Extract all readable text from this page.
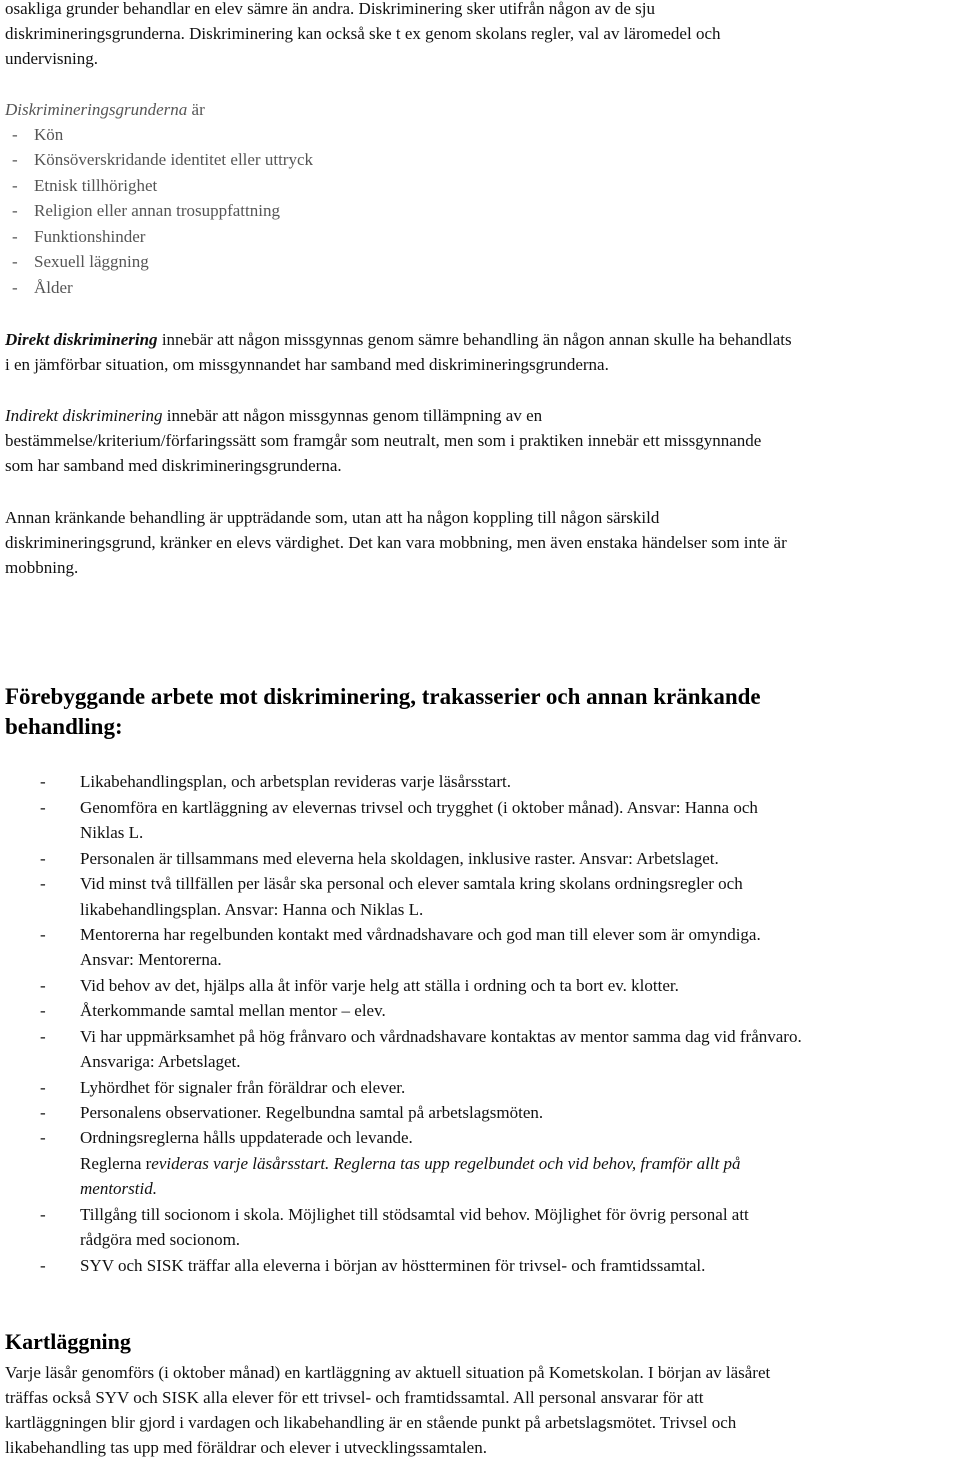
osakliga grunder behandlar en elev sämre än andra. Diskriminering sker utifrån någon av de sju
diskrimineringsgrunderna. Diskriminering kan också ske t ex genom skolans regler, val av läromedel och
undervisning.
Diskrimineringsgrunderna är
- Kön
- Könsöverskridande identitet eller uttryck
- Etnisk tillhörighet
- Religion eller annan trosuppfattning
- Funktionshinder
- Sexuell läggning
- Ålder
Direkt diskriminering innebär att någon missgynnas genom sämre behandling än någon annan skulle ha behandlats
i en jämförbar situation, om missgynnandet har samband med diskrimineringsgrunderna.
Indirekt diskriminering innebär att någon missgynnas genom tillämpning av en
bestämmelse/kriterium/förfaringssätt som framgår som neutralt, men som i praktiken innebär ett missgynnande
som har samband med diskrimineringsgrunderna.
Annan kränkande behandling är uppträdande som, utan att ha någon koppling till någon särskild
diskrimineringsgrund, kränker en elevs värdighet. Det kan vara mobbning, men även enstaka händelser som inte är
mobbning.
Förebyggande arbete mot diskriminering, trakasserier och annan kränkande
behandling:
- Likabehandlingsplan, och arbetsplan revideras varje läsårsstart.
- Genomföra en kartläggning av elevernas trivsel och trygghet (i oktober månad). Ansvar: Hanna och
Niklas L.
- Personalen är tillsammans med eleverna hela skoldagen, inklusive raster. Ansvar: Arbetslaget.
- Vid minst två tillfällen per läsår ska personal och elever samtala kring skolans ordningsregler och
likabehandlingsplan. Ansvar: Hanna och Niklas L.
- Mentorerna har regelbunden kontakt med vårdnadshavare och god man till elever som är omyndiga.
Ansvar: Mentorerna.
- Vid behov av det, hjälps alla åt inför varje helg att ställa i ordning och ta bort ev. klotter.
- Återkommande samtal mellan mentor – elev.
- Vi har uppmärksamhet på hög frånvaro och vårdnadshavare kontaktas av mentor samma dag vid frånvaro.
Ansvariga: Arbetslaget.
- Lyhördhet för signaler från föräldrar och elever.
- Personalens observationer. Regelbundna samtal på arbetslagsmöten.
- Ordningsreglerna hålls uppdaterade och levande.
Reglerna revideras varje läsårsstart. Reglerna tas upp regelbundet och vid behov, framför allt på
mentorstid.
- Tillgång till socionom i skola. Möjlighet till stödsamtal vid behov. Möjlighet för övrig personal att
rådgöra med socionom.
- SYV och SISK träffar alla eleverna i början av höstterminen för trivsel- och framtidssamtal.
Kartläggning
Varje läsår genomförs (i oktober månad) en kartläggning av aktuell situation på Kometskolan. I början av läsåret
träffas också SYV och SISK alla elever för ett trivsel- och framtidssamtal. All personal ansvarar för att
kartläggningen blir gjord i vardagen och likabehandling är en stående punkt på arbetslagsmötet. Trivsel och
likabehandling tas upp med föräldrar och elever i utvecklingssamtalen.
